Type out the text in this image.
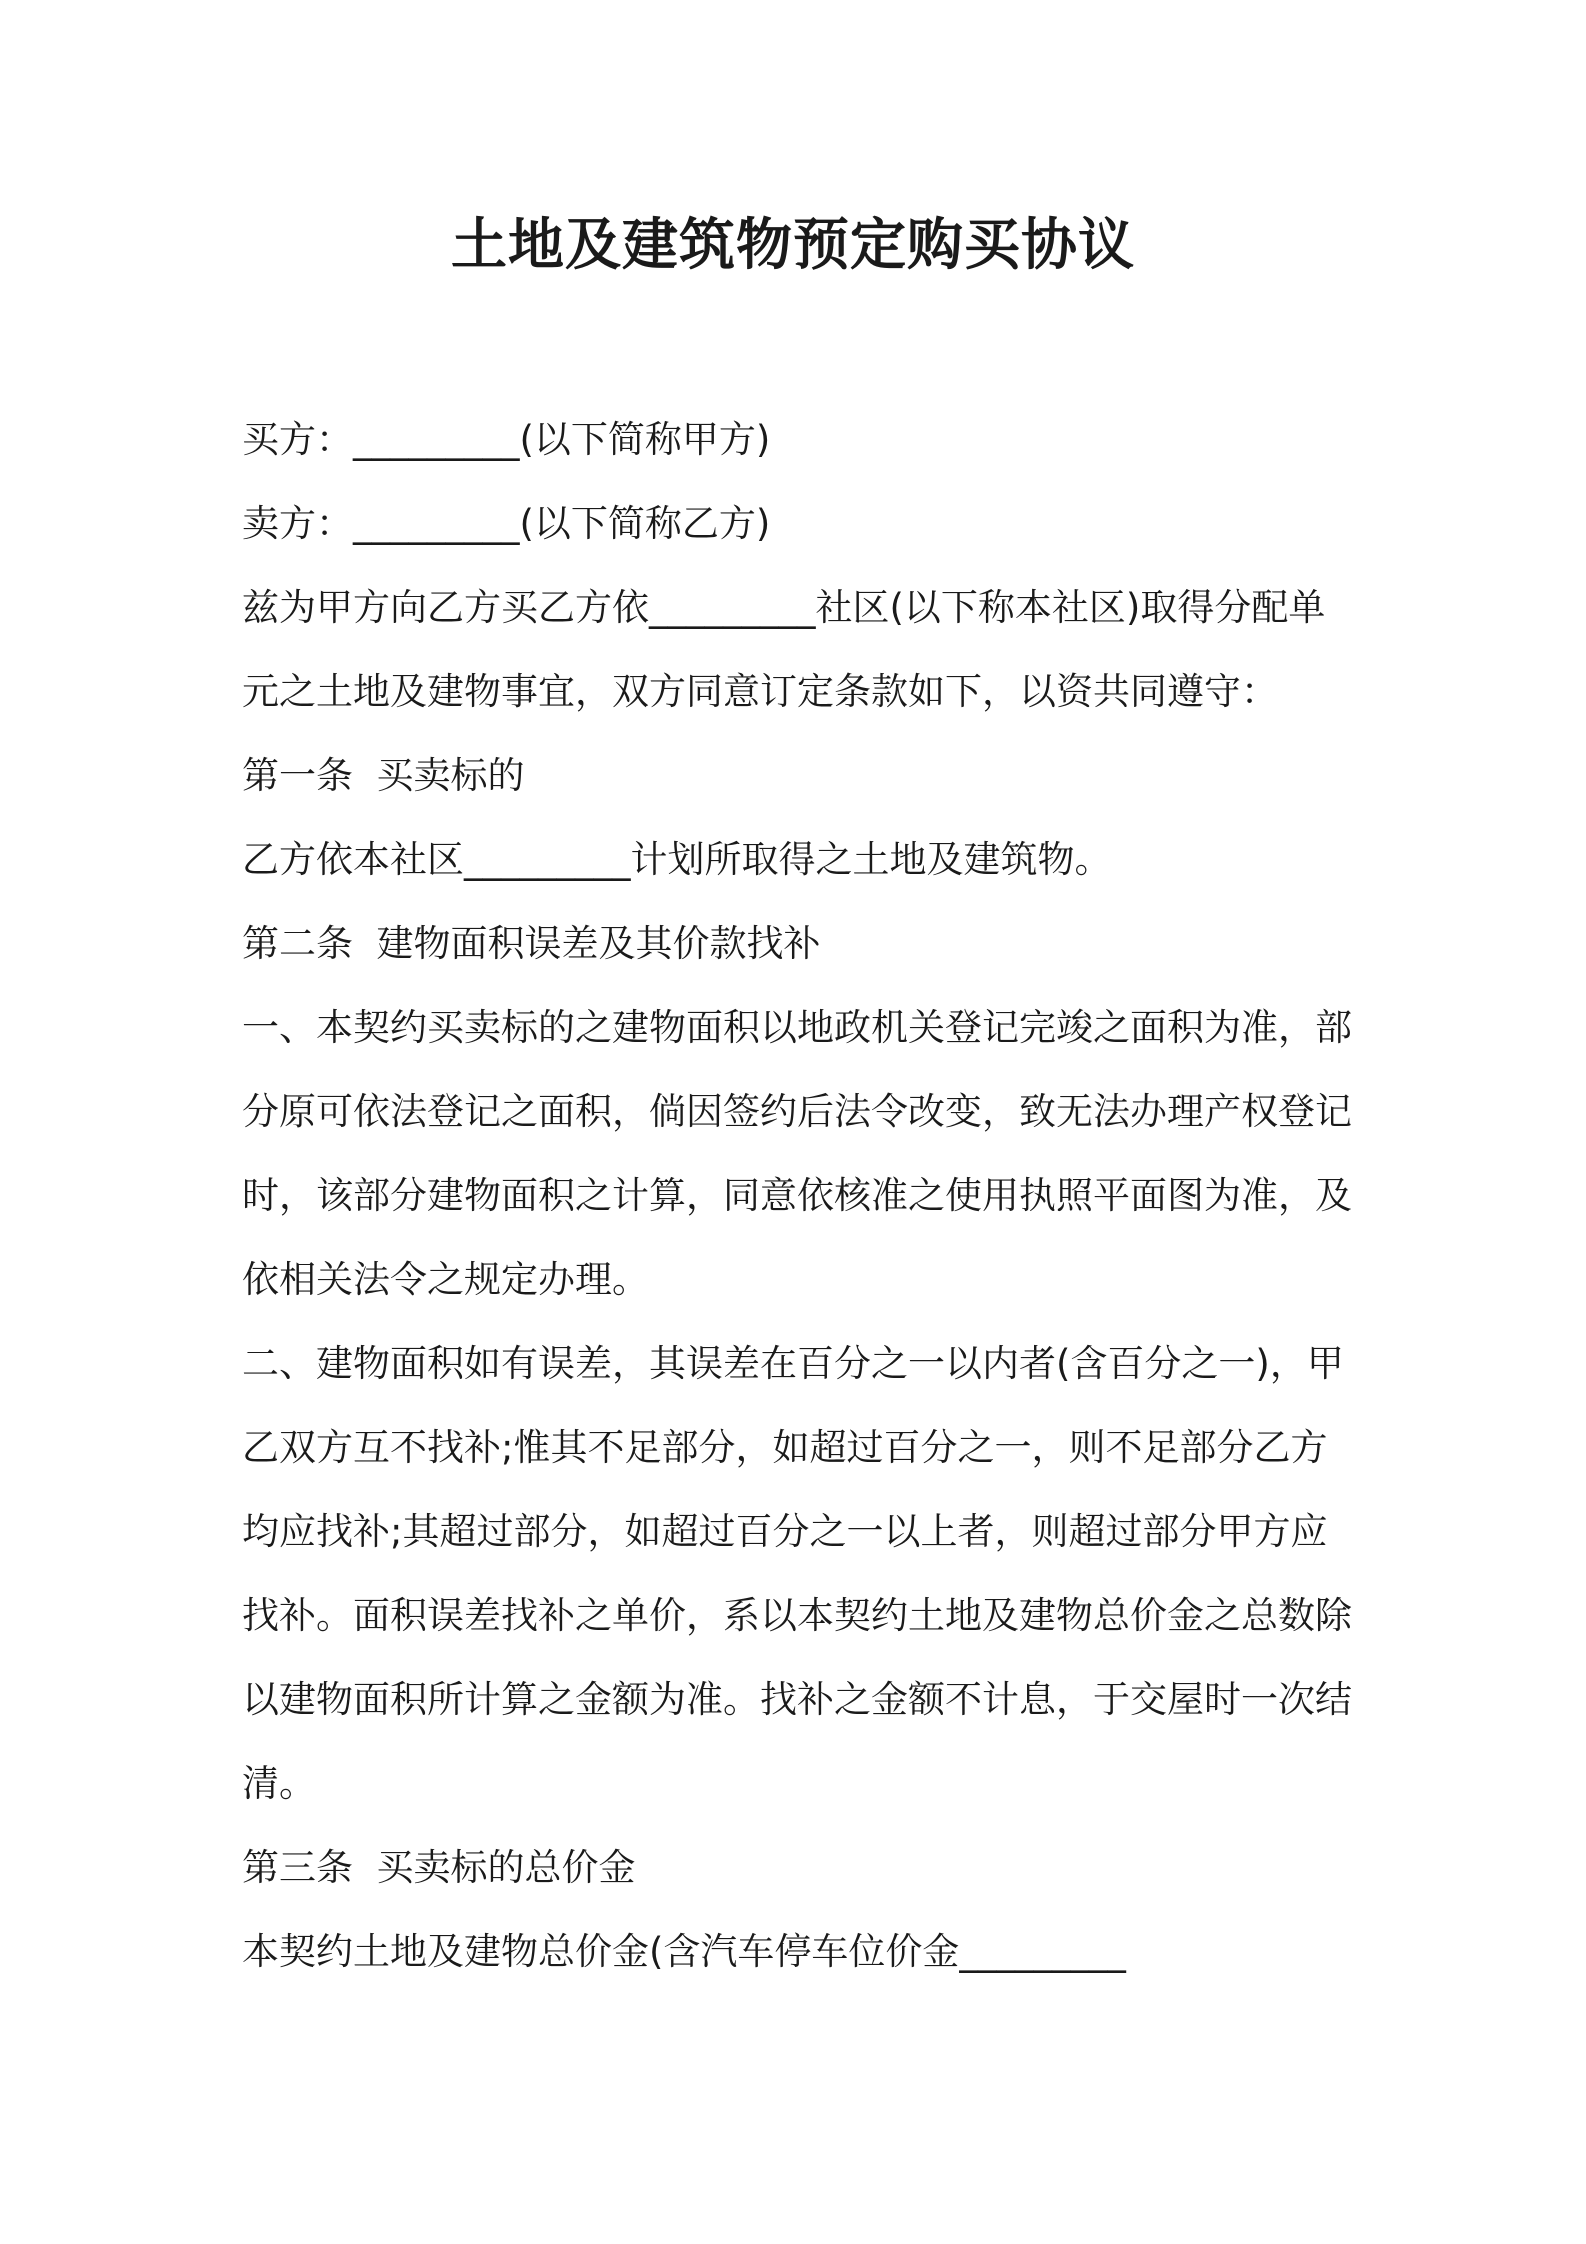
土地及建筑物预定购买协议

买方：_________(以下简称甲方)

卖方：_________(以下简称乙方)

兹为甲方向乙方买乙方依_________社区(以下称本社区)取得分配单元之土地及建物事宜，双方同意订定条款如下，以资共同遵守：

第一条  买卖标的

乙方依本社区_________计划所取得之土地及建筑物。

第二条  建物面积误差及其价款找补

一、本契约买卖标的之建物面积以地政机关登记完竣之面积为准，部分原可依法登记之面积，倘因签约后法令改变，致无法办理产权登记时，该部分建物面积之计算，同意依核准之使用执照平面图为准，及依相关法令之规定办理。

二、建物面积如有误差，其误差在百分之一以内者(含百分之一)，甲乙双方互不找补;惟其不足部分，如超过百分之一，则不足部分乙方均应找补;其超过部分，如超过百分之一以上者，则超过部分甲方应找补。面积误差找补之单价，系以本契约土地及建物总价金之总数除以建物面积所计算之金额为准。找补之金额不计息，于交屋时一次结清。

第三条  买卖标的总价金

本契约土地及建物总价金(含汽车停车位价金_________
